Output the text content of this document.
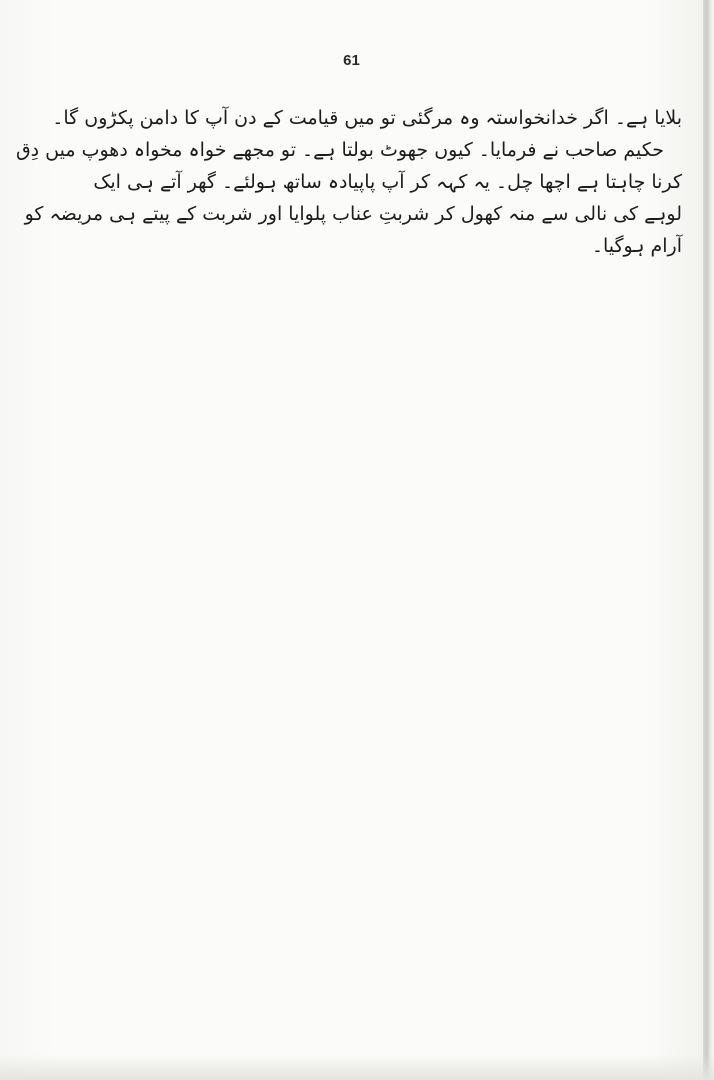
61
بلایا ہے۔ اگر خدانخواستہ وہ مرگئی تو میں قیامت کے دن آپ کا دامن پکڑوں گا۔
حکیم صاحب نے فرمایا۔ کیوں جھوٹ بولتا ہے۔ تو مجھے خواہ مخواہ دھوپ میں دِق
کرنا چاہتا ہے اچھا چل۔ یہ کہہ کر آپ پاپیادہ ساتھ ہولئے۔ گھر آتے ہی ایک
لوہے کی نالی سے منہ کھول کر شربتِ عناب پلوایا اور شربت کے پیتے ہی مریضہ کو
آرام ہوگیا۔
